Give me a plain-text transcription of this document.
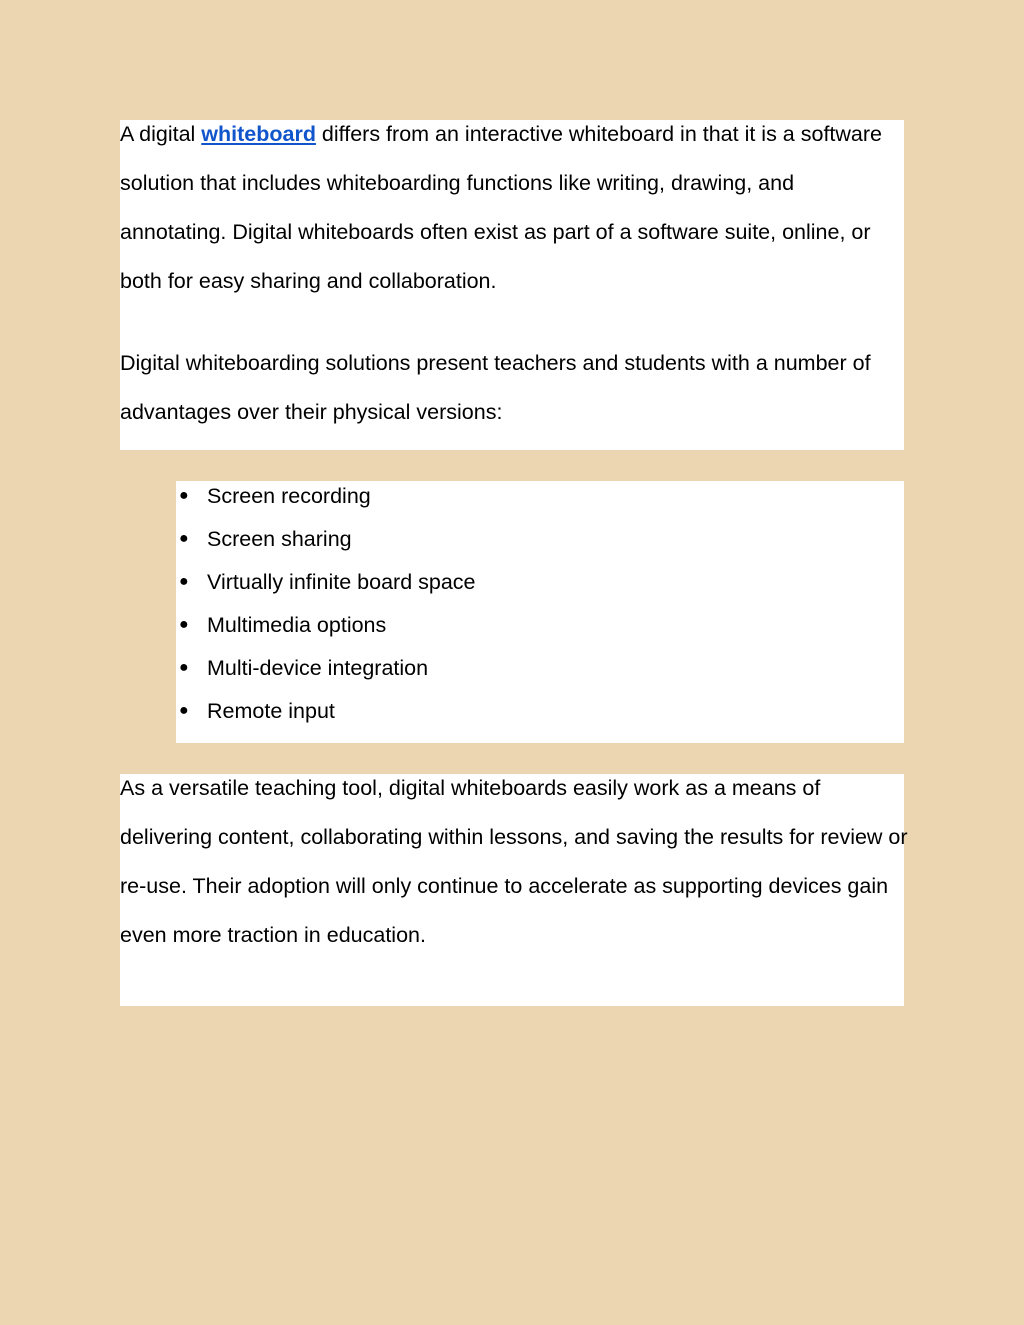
A digital whiteboard differs from an interactive whiteboard in that it is a software solution that includes whiteboarding functions like writing, drawing, and annotating. Digital whiteboards often exist as part of a software suite, online, or both for easy sharing and collaboration.

Digital whiteboarding solutions present teachers and students with a number of advantages over their physical versions:

● Screen recording
● Screen sharing
● Virtually infinite board space
● Multimedia options
● Multi-device integration
● Remote input

As a versatile teaching tool, digital whiteboards easily work as a means of delivering content, collaborating within lessons, and saving the results for review or re-use. Their adoption will only continue to accelerate as supporting devices gain even more traction in education.
